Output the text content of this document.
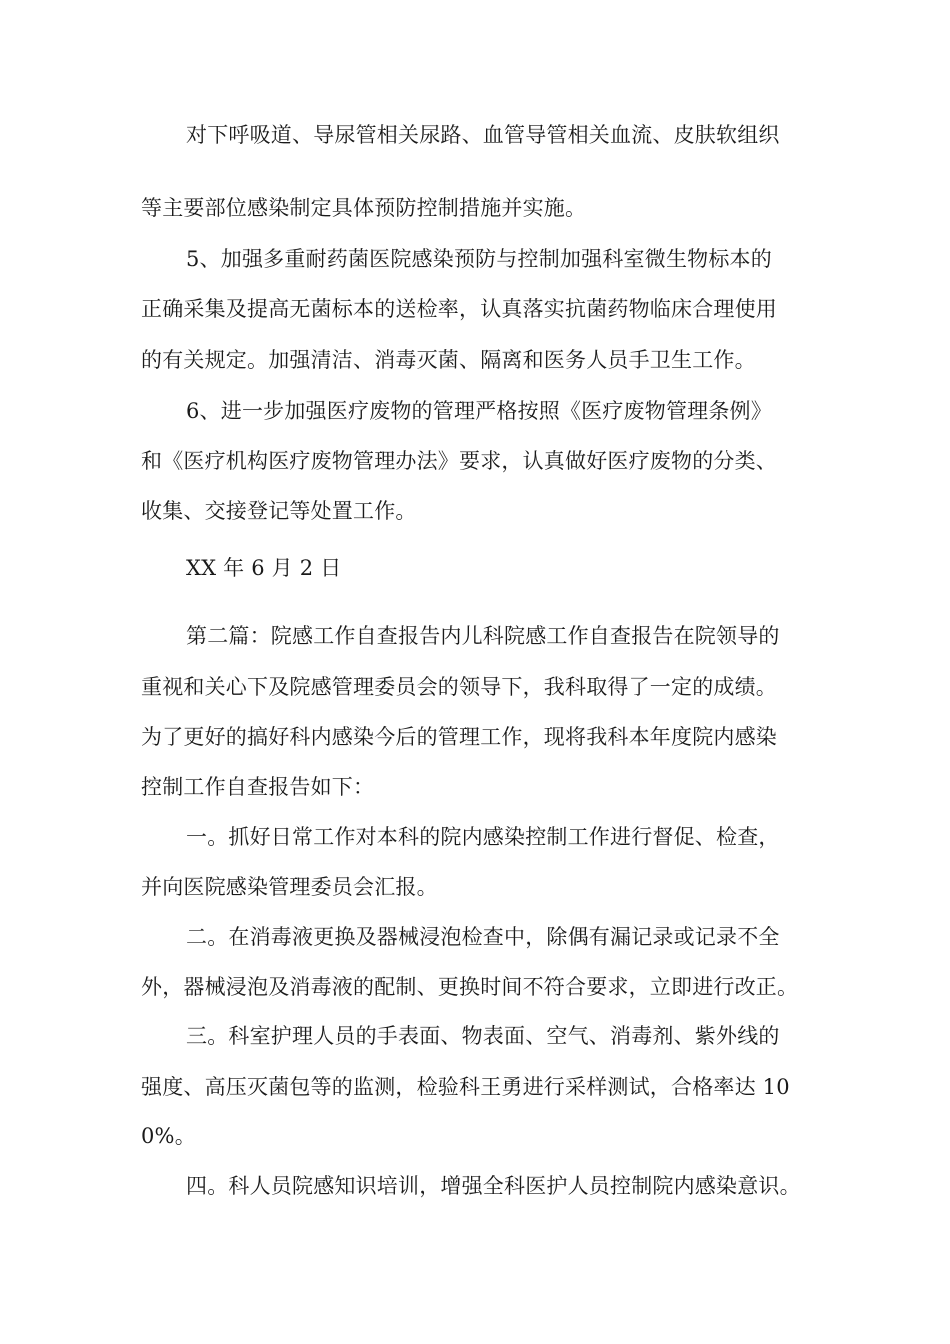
对下呼吸道、导尿管相关尿路、血管导管相关血流、皮肤软组织
等主要部位感染制定具体预防控制措施并实施。
5、加强多重耐药菌医院感染预防与控制加强科室微生物标本的
正确采集及提高无菌标本的送检率，认真落实抗菌药物临床合理使用
的有关规定。加强清洁、消毒灭菌、隔离和医务人员手卫生工作。
6、进一步加强医疗废物的管理严格按照《医疗废物管理条例》
和《医疗机构医疗废物管理办法》要求，认真做好医疗废物的分类、
收集、交接登记等处置工作。
XX 年 6 月 2 日
第二篇：院感工作自查报告内儿科院感工作自查报告在院领导的
重视和关心下及院感管理委员会的领导下，我科取得了一定的成绩。
为了更好的搞好科内感染今后的管理工作，现将我科本年度院内感染
控制工作自查报告如下：
一。抓好日常工作对本科的院内感染控制工作进行督促、检查，
并向医院感染管理委员会汇报。
二。在消毒液更换及器械浸泡检查中，除偶有漏记录或记录不全
外，器械浸泡及消毒液的配制、更换时间不符合要求，立即进行改正。
三。科室护理人员的手表面、物表面、空气、消毒剂、紫外线的
强度、高压灭菌包等的监测，检验科王勇进行采样测试，合格率达 10
0%。
四。科人员院感知识培训，增强全科医护人员控制院内感染意识。
